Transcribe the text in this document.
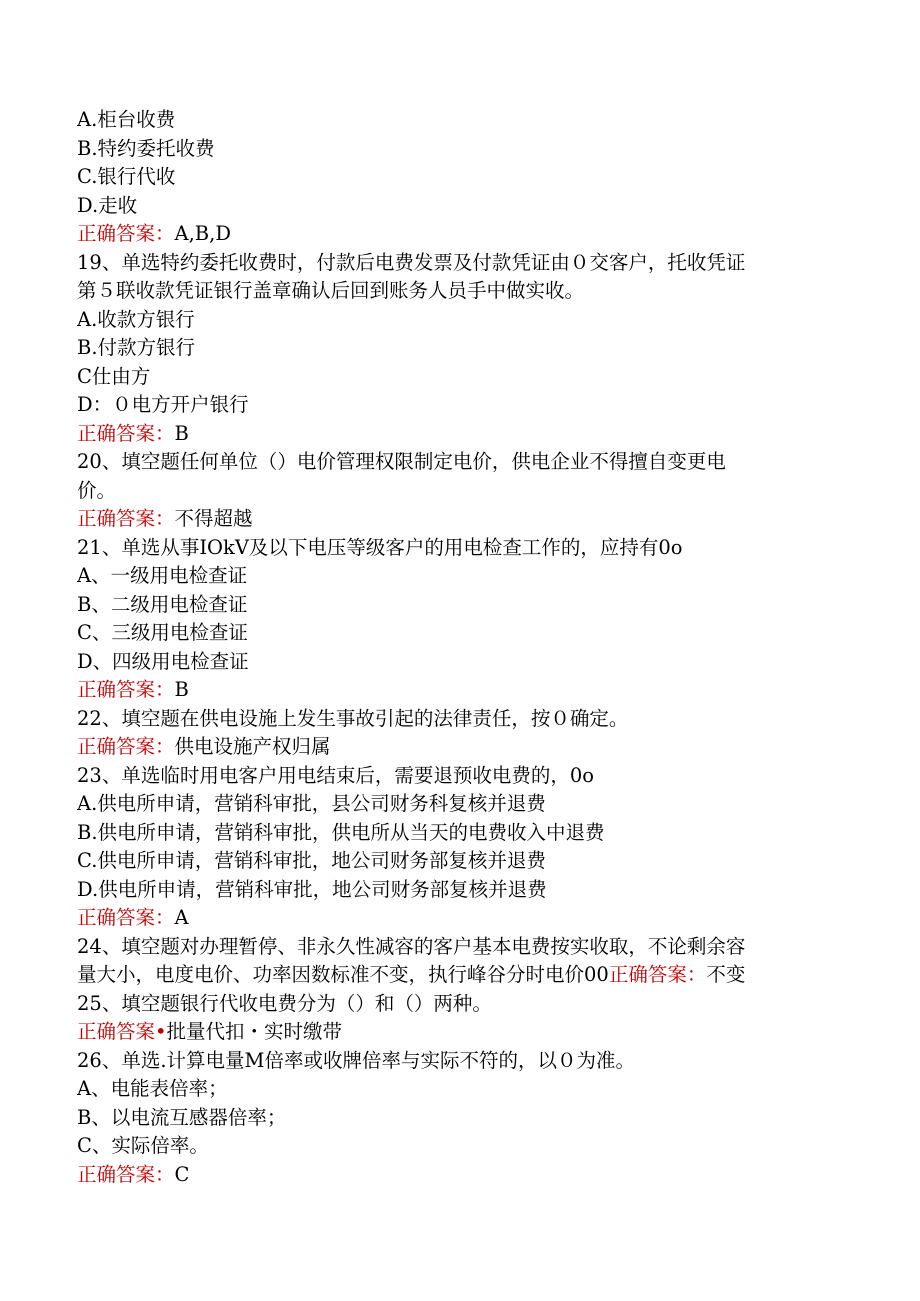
A.柜台收费
B.特约委托收费
C.银行代收
D.走收
正确答案：A,B,D
19、单选特约委托收费时，付款后电费发票及付款凭证由０交客户，托收凭证
第５联收款凭证银行盖章确认后回到账务人员手中做实收。
A.收款方银行
B.付款方银行
C仕由方
D：０电方开户银行
正确答案：B
20、填空题任何单位（）电价管理权限制定电价，供电企业不得擅自变更电
价。
正确答案：不得超越
21、单选从事IOkV及以下电压等级客户的用电检查工作的，应持有0o
A、一级用电检查证
B、二级用电检查证
C、三级用电检查证
D、四级用电检查证
正确答案：B
22、填空题在供电设施上发生事故引起的法律责任，按０确定。
正确答案：供电设施产权归属
23、单选临时用电客户用电结束后，需要退预收电费的，0o
A.供电所申请，营销科审批，县公司财务科复核并退费
B.供电所申请，营销科审批，供电所从当天的电费收入中退费
C.供电所申请，营销科审批，地公司财务部复核并退费
D.供电所申请，营销科审批，地公司财务部复核并退费
正确答案：A
24、填空题对办理暂停、非永久性减容的客户基本电费按实收取，不论剩余容
量大小，电度电价、功率因数标准不变，执行峰谷分时电价00正确答案：不变
25、填空题银行代收电费分为（）和（）两种。
正确答案•批量代扣・实时缴带
26、单选.计算电量M倍率或收牌倍率与实际不符的，以０为准。
A、电能表倍率；
B、以电流互感器倍率；
C、实际倍率。
正确答案：C
